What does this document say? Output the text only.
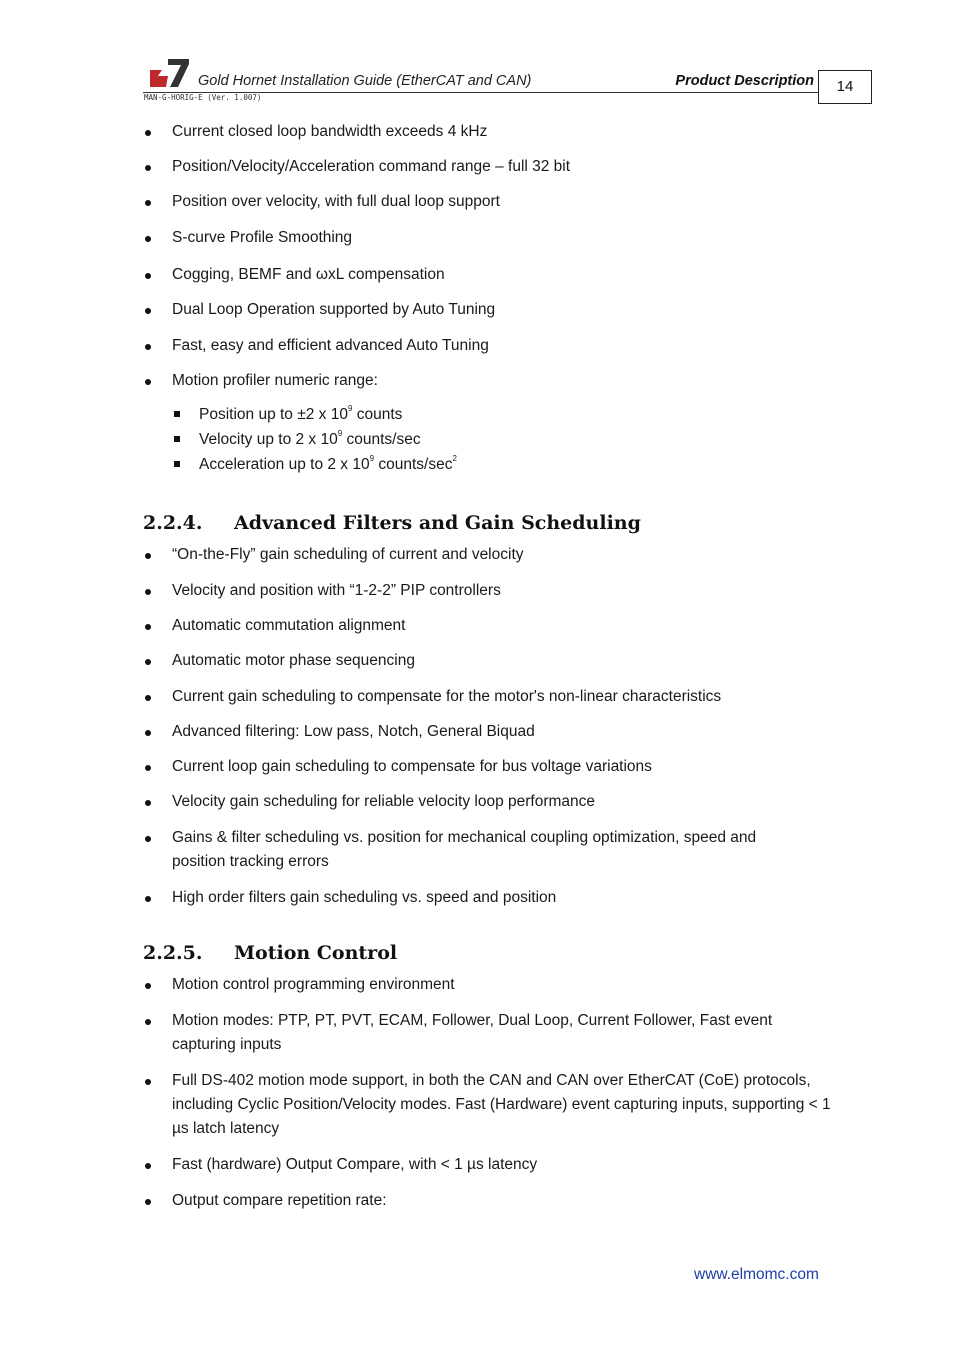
Gold Hornet Installation Guide (EtherCAT and CAN)	Product Description
MAN-G-HORIG-E (Ver. 1.007)
14
Current closed loop bandwidth exceeds 4 kHz
Position/Velocity/Acceleration command range – full 32 bit
Position over velocity, with full dual loop support
S-curve Profile Smoothing
Cogging, BEMF and ωxL compensation
Dual Loop Operation supported by Auto Tuning
Fast, easy and efficient advanced Auto Tuning
Motion profiler numeric range:
Position up to ±2 x $10^9$ counts
Velocity up to 2 x $10^9$ counts/sec
Acceleration up to 2 x $10^9$ counts/$\sec^2$
2.2.4. Advanced Filters and Gain Scheduling
“On-the-Fly” gain scheduling of current and velocity
Velocity and position with “1-2-2” PIP controllers
Automatic commutation alignment
Automatic motor phase sequencing
Current gain scheduling to compensate for the motor's non-linear characteristics
Advanced filtering: Low pass, Notch, General Biquad
Current loop gain scheduling to compensate for bus voltage variations
Velocity gain scheduling for reliable velocity loop performance
Gains & filter scheduling vs. position for mechanical coupling optimization, speed and position tracking errors
High order filters gain scheduling vs. speed and position
2.2.5. Motion Control
Motion control programming environment
Motion modes: PTP, PT, PVT, ECAM, Follower, Dual Loop, Current Follower, Fast event capturing inputs
Full DS-402 motion mode support, in both the CAN and CAN over EtherCAT (CoE) protocols, including Cyclic Position/Velocity modes. Fast (Hardware) event capturing inputs, supporting < 1 µs latch latency
Fast (hardware) Output Compare, with < 1 µs latency
Output compare repetition rate:
www.elmomc.com
